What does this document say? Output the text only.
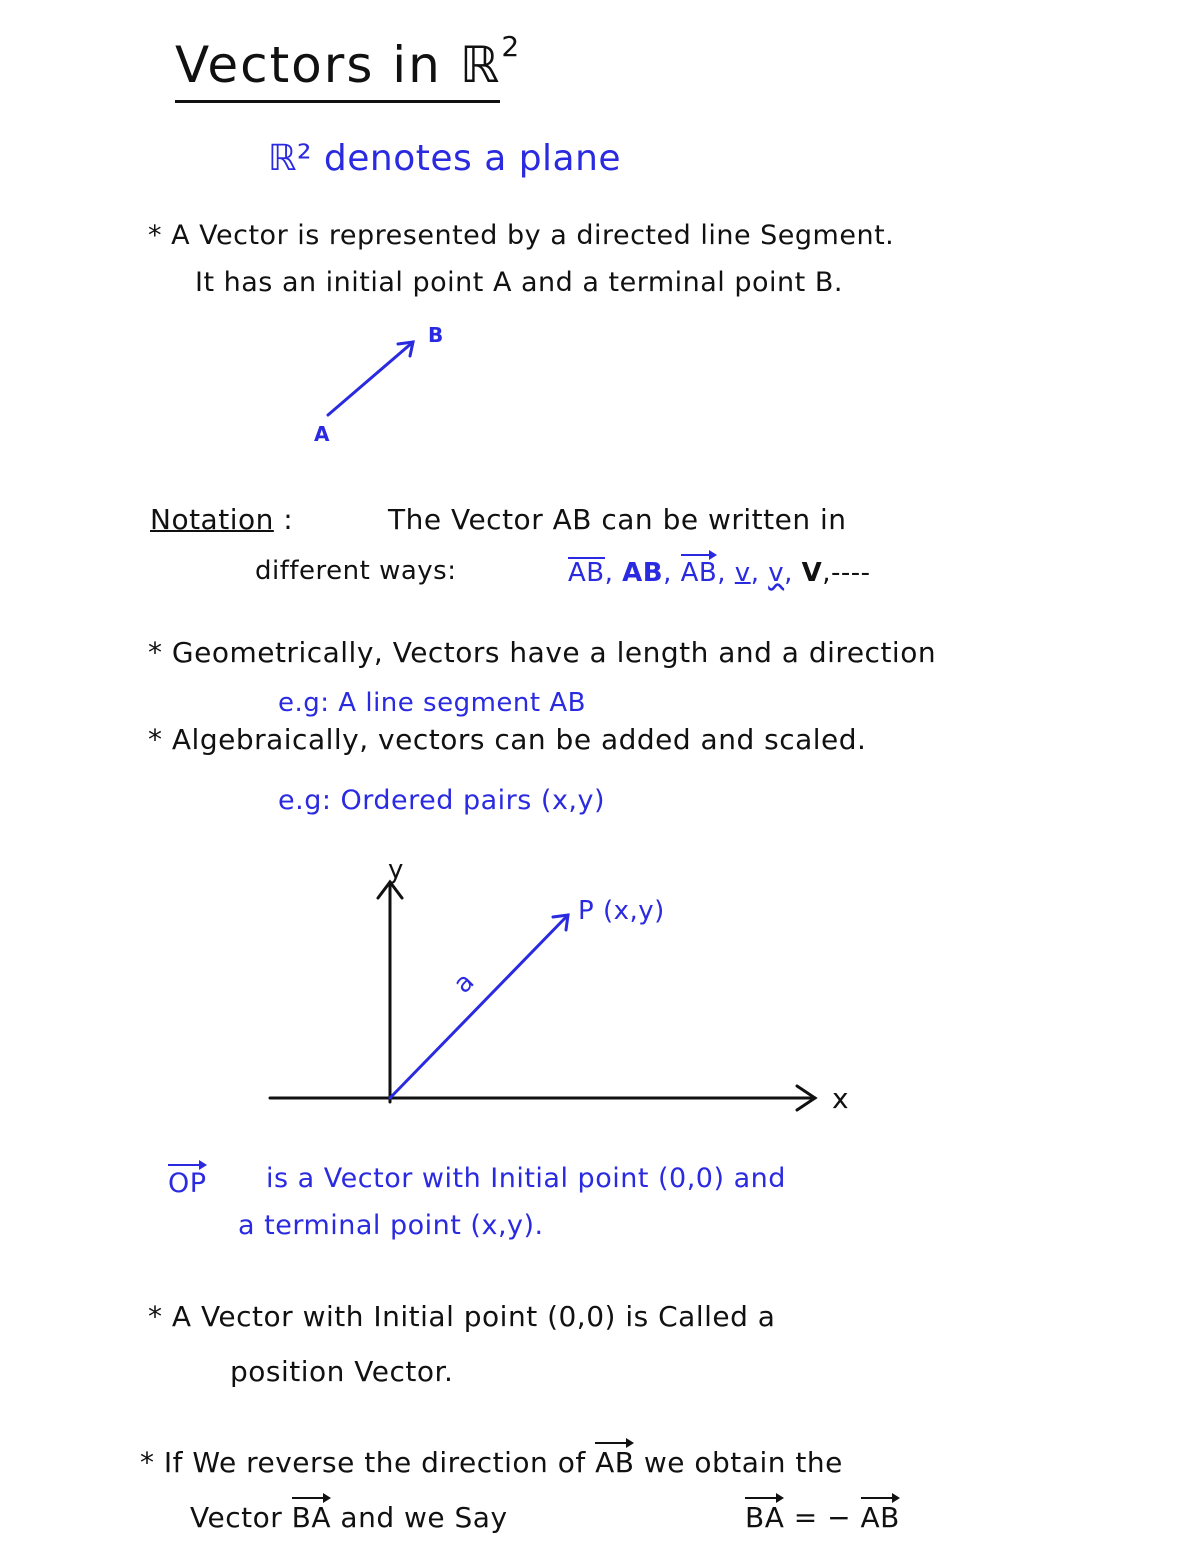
Vectors in ℝ$^2$
ℝ² denotes a plane
* A Vector is represented by a directed line Segment.
It has an initial point A and a terminal point B.
B
A
Notation :	The Vector AB can be written in
different ways:	AB, AB, AB, v, v, V,----
* Geometrically, Vectors have a length and a direction
e.g: A line segment AB
* Algebraically, vectors can be added and scaled.
e.g: Ordered pairs (x,y)
y
P (x,y)
a
x
OP is a Vector with Initial point (0,0) and
a terminal point (x,y).
* A Vector with Initial point (0,0) is Called a
position Vector.
* If We reverse the direction of AB we obtain the
Vector BA and we Say	BA = − AB
